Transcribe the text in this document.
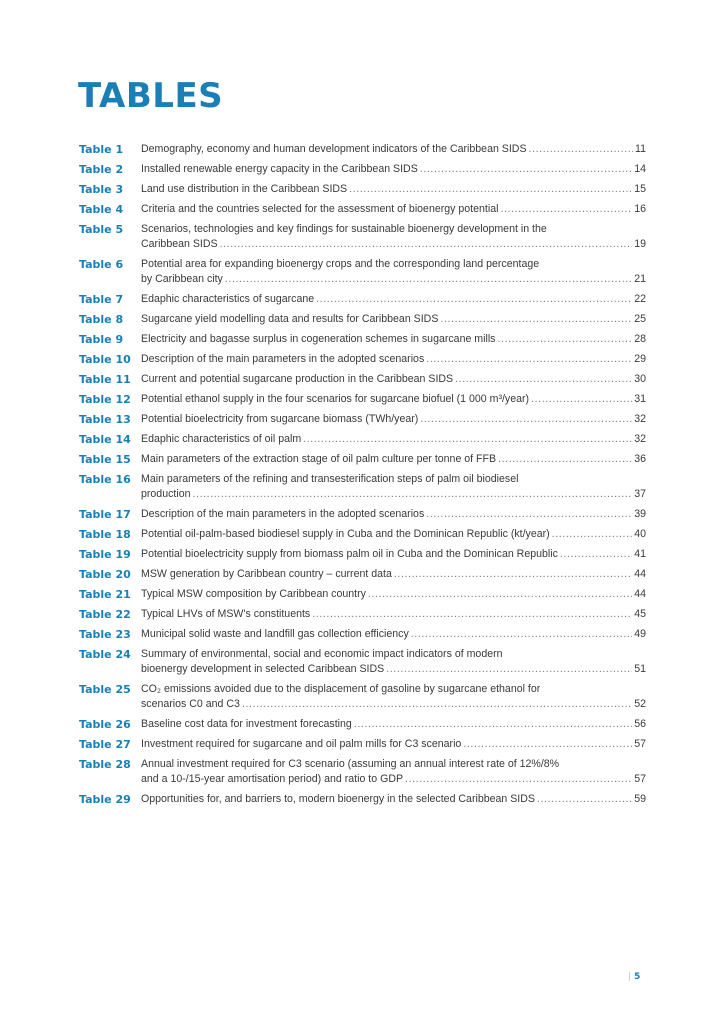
TABLES
Table 1	Demography, economy and human development indicators of the Caribbean SIDS .....	11
Table 2	Installed renewable energy capacity in the Caribbean SIDS .....	14
Table 3	Land use distribution in the Caribbean SIDS .....	15
Table 4	Criteria and the countries selected for the assessment of bioenergy potential .....	16
Table 5	Scenarios, technologies and key findings for sustainable bioenergy development in the
Caribbean SIDS .....	19
Table 6	Potential area for expanding bioenergy crops and the corresponding land percentage
by Caribbean city .....	21
Table 7	Edaphic characteristics of sugarcane .....	22
Table 8	Sugarcane yield modelling data and results for Caribbean SIDS .....	25
Table 9	Electricity and bagasse surplus in cogeneration schemes in sugarcane mills .....	28
Table 10 Description of the main parameters in the adopted scenarios .....	29
Table 11 Current and potential sugarcane production in the Caribbean SIDS .....	30
Table 12 Potential ethanol supply in the four scenarios for sugarcane biofuel (1 000 m³/year) .....	31
Table 13 Potential bioelectricity from sugarcane biomass (TWh/year) .....	32
Table 14 Edaphic characteristics of oil palm .....	32
Table 15 Main parameters of the extraction stage of oil palm culture per tonne of FFB .....	36
Table 16 Main parameters of the refining and transesterification steps of palm oil biodiesel
production .....	37
Table 17 Description of the main parameters in the adopted scenarios .....	39
Table 18 Potential oil-palm-based biodiesel supply in Cuba and the Dominican Republic (kt/year) .....	40
Table 19 Potential bioelectricity supply from biomass palm oil in Cuba and the Dominican Republic .....	41
Table 20 MSW generation by Caribbean country – current data .....	44
Table 21 Typical MSW composition by Caribbean country .....	44
Table 22 Typical LHVs of MSW's constituents .....	45
Table 23 Municipal solid waste and landfill gas collection efficiency .....	49
Table 24 Summary of environmental, social and economic impact indicators of modern
bioenergy development in selected Caribbean SIDS .....	51
Table 25 CO₂ emissions avoided due to the displacement of gasoline by sugarcane ethanol for
scenarios C0 and C3 .....	52
Table 26 Baseline cost data for investment forecasting .....	56
Table 27 Investment required for sugarcane and oil palm mills for C3 scenario .....	57
Table 28 Annual investment required for C3 scenario (assuming an annual interest rate of 12%/8%
and a 10-/15-year amortisation period) and ratio to GDP .....	57
Table 29 Opportunities for, and barriers to, modern bioenergy in the selected Caribbean SIDS .....	59
| 5
